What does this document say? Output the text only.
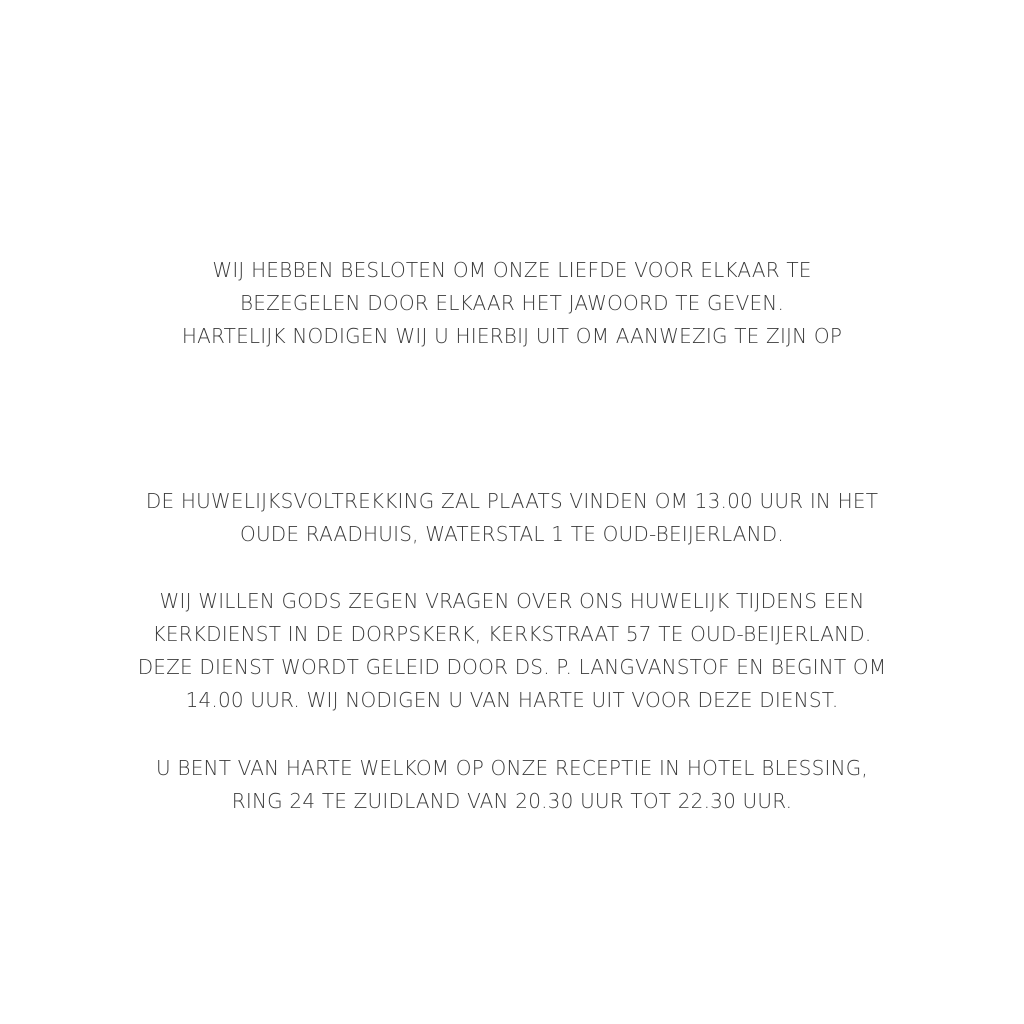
WIJ HEBBEN BESLOTEN OM ONZE LIEFDE VOOR ELKAAR TE
BEZEGELEN DOOR ELKAAR HET JAWOORD TE GEVEN.
HARTELIJK NODIGEN WIJ U HIERBIJ UIT OM AANWEZIG TE ZIJN OP
DE HUWELIJKSVOLTREKKING ZAL PLAATS VINDEN OM 13.00 UUR IN HET
OUDE RAADHUIS, WATERSTAL 1 TE OUD-BEIJERLAND.
WIJ WILLEN GODS ZEGEN VRAGEN OVER ONS HUWELIJK TIJDENS EEN
KERKDIENST IN DE DORPSKERK, KERKSTRAAT 57 TE OUD-BEIJERLAND.
DEZE DIENST WORDT GELEID DOOR DS. P. LANGVANSTOF EN BEGINT OM
14.00 UUR. WIJ NODIGEN U VAN HARTE UIT VOOR DEZE DIENST.
U BENT VAN HARTE WELKOM OP ONZE RECEPTIE IN HOTEL BLESSING,
RING 24 TE ZUIDLAND VAN 20.30 UUR TOT 22.30 UUR.
